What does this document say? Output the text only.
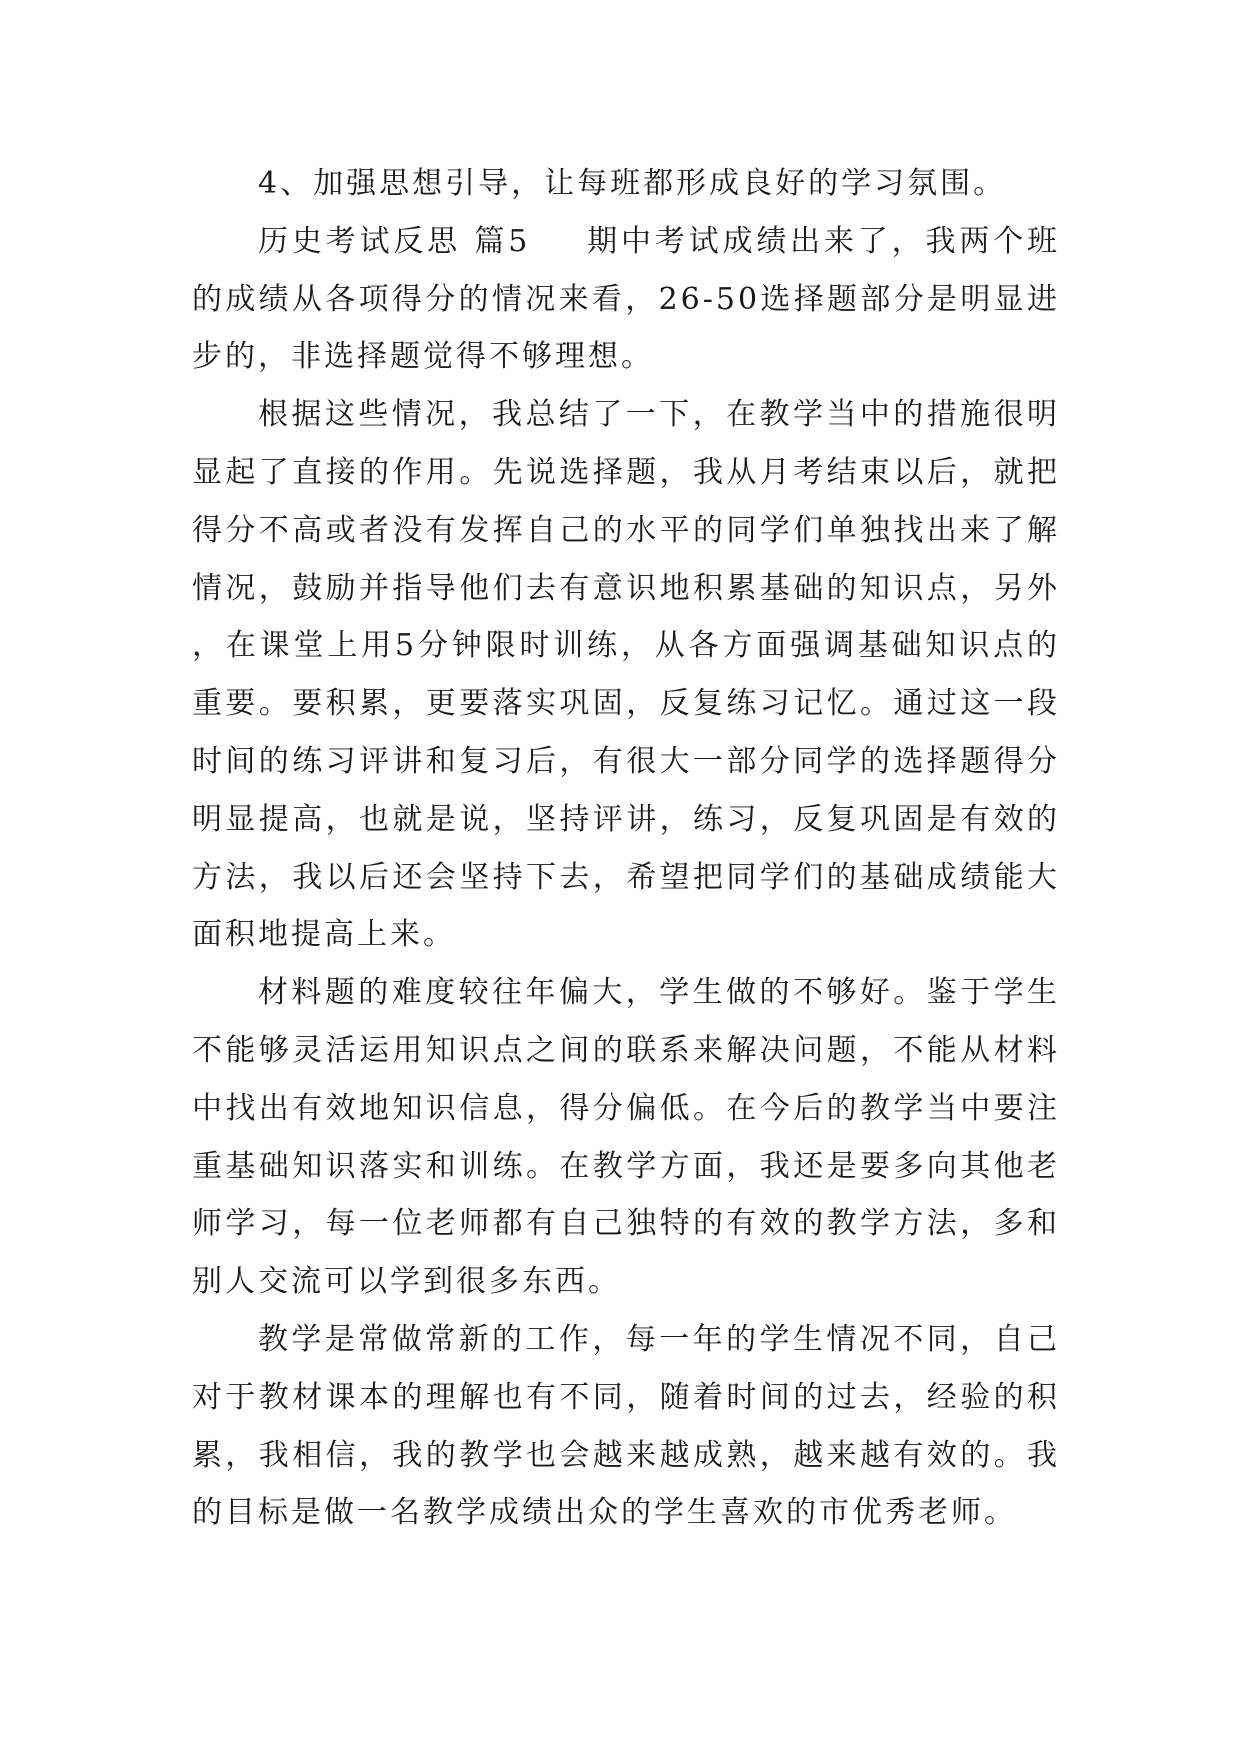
4、加强思想引导，让每班都形成良好的学习氛围。

历史考试反思 篇5 期中考试成绩出来了，我两个班的成绩从各项得分的情况来看，26-50选择题部分是明显进步的，非选择题觉得不够理想。

根据这些情况，我总结了一下，在教学当中的措施很明显起了直接的作用。先说选择题，我从月考结束以后，就把得分不高或者没有发挥自己的水平的同学们单独找出来了解情况，鼓励并指导他们去有意识地积累基础的知识点，另外，在课堂上用5分钟限时训练，从各方面强调基础知识点的重要。要积累，更要落实巩固，反复练习记忆。通过这一段时间的练习评讲和复习后，有很大一部分同学的选择题得分明显提高，也就是说，坚持评讲，练习，反复巩固是有效的方法，我以后还会坚持下去，希望把同学们的基础成绩能大面积地提高上来。

材料题的难度较往年偏大，学生做的不够好。鉴于学生不能够灵活运用知识点之间的联系来解决问题，不能从材料中找出有效地知识信息，得分偏低。在今后的教学当中要注重基础知识落实和训练。在教学方面，我还是要多向其他老师学习，每一位老师都有自己独特的有效的教学方法，多和别人交流可以学到很多东西。

教学是常做常新的工作，每一年的学生情况不同，自己对于教材课本的理解也有不同，随着时间的过去，经验的积累，我相信，我的教学也会越来越成熟，越来越有效的。我的目标是做一名教学成绩出众的学生喜欢的市优秀老师。
